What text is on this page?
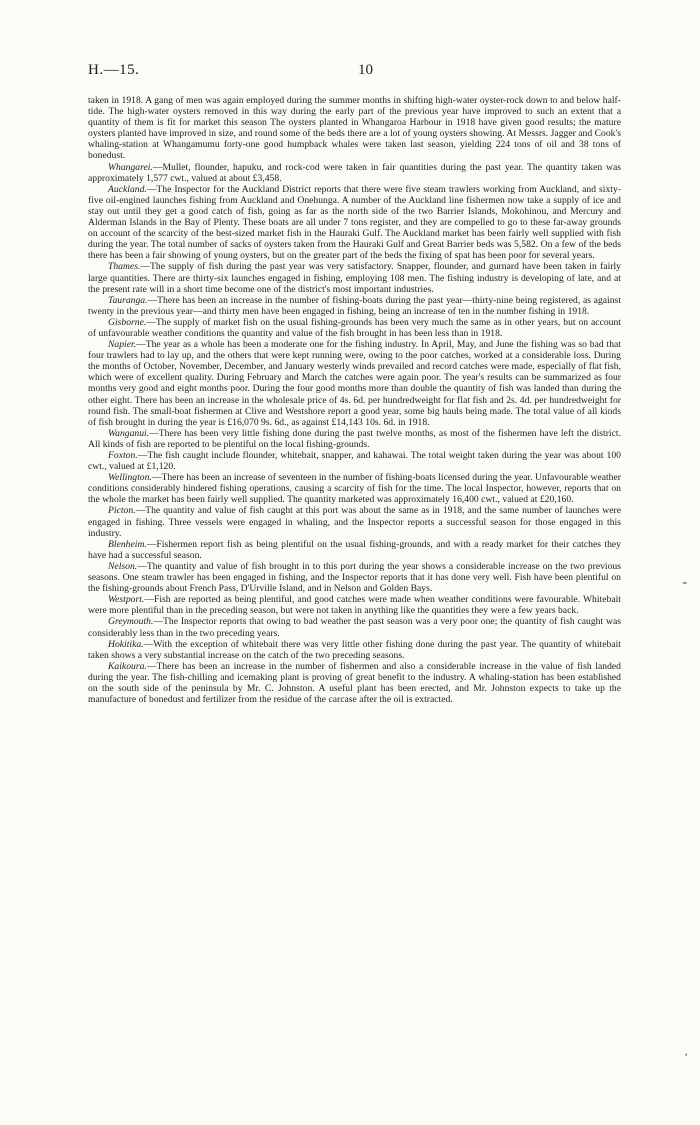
H.—15.	10

taken in 1918. A gang of men was again employed during the summer months in shifting high-water oyster-rock down to and below half-tide. The high-water oysters removed in this way during the early part of the previous year have improved to such an extent that a quantity of them is fit for market this season The oysters planted in Whangaroa Harbour in 1918 have given good results; the mature oysters planted have improved in size, and round some of the beds there are a lot of young oysters showing. At Messrs. Jagger and Cook's whaling-station at Whangamumu forty-one good humpback whales were taken last season, yielding 224 tons of oil and 38 tons of bonedust.

Whangarei.—Mullet, flounder, hapuku, and rock-cod were taken in fair quantities during the past year. The quantity taken was approximately 1,577 cwt., valued at about £3,458.

Auckland.—The Inspector for the Auckland District reports that there were five steam trawlers working from Auckland, and sixty-five oil-engined launches fishing from Auckland and Onehunga. A number of the Auckland line fishermen now take a supply of ice and stay out until they get a good catch of fish, going as far as the north side of the two Barrier Islands, Mokohinou, and Mercury and Alderman Islands in the Bay of Plenty. These boats are all under 7 tons register, and they are compelled to go to these far-away grounds on account of the scarcity of the best-sized market fish in the Hauraki Gulf. The Auckland market has been fairly well supplied with fish during the year. The total number of sacks of oysters taken from the Hauraki Gulf and Great Barrier beds was 5,582. On a few of the beds there has been a fair showing of young oysters, but on the greater part of the beds the fixing of spat has been poor for several years.

Thames.—The supply of fish during the past year was very satisfactory. Snapper, flounder, and gurnard have been taken in fairly large quantities. There are thirty-six launches engaged in fishing, employing 108 men. The fishing industry is developing of late, and at the present rate will in a short time become one of the district's most important industries.

Tauranga.—There has been an increase in the number of fishing-boats during the past year—thirty-nine being registered, as against twenty in the previous year—and thirty men have been engaged in fishing, being an increase of ten in the number fishing in 1918.

Gisborne.—The supply of market fish on the usual fishing-grounds has been very much the same as in other years, but on account of unfavourable weather conditions the quantity and value of the fish brought in has been less than in 1918.

Napier.—The year as a whole has been a moderate one for the fishing industry. In April, May, and June the fishing was so bad that four trawlers had to lay up, and the others that were kept running were, owing to the poor catches, worked at a considerable loss. During the months of October, November, December, and January westerly winds prevailed and record catches were made, especially of flat fish, which were of excellent quality. During February and March the catches were again poor. The year's results can be summarized as four months very good and eight months poor. During the four good months more than double the quantity of fish was landed than during the other eight. There has been an increase in the wholesale price of 4s. 6d. per hundredweight for flat fish and 2s. 4d. per hundredweight for round fish. The small-boat fishermen at Clive and Westshore report a good year, some big hauls being made. The total value of all kinds of fish brought in during the year is £16,070 9s. 6d., as against £14,143 10s. 6d. in 1918.

Wanganui.—There has been very little fishing done during the past twelve months, as most of the fishermen have left the district. All kinds of fish are reported to be plentiful on the local fishing-grounds.

Foxton.—The fish caught include flounder, whitebait, snapper, and kahawai. The total weight taken during the year was about 100 cwt., valued at £1,120.

Wellington.—There has been an increase of seventeen in the number of fishing-boats licensed during the year. Unfavourable weather conditions considerably hindered fishing operations, causing a scarcity of fish for the time. The local Inspector, however, reports that on the whole the market has been fairly well supplied. The quantity marketed was approximately 16,400 cwt., valued at £20,160.

Picton.—The quantity and value of fish caught at this port was about the same as in 1918, and the same number of launches were engaged in fishing. Three vessels were engaged in whaling, and the Inspector reports a successful season for those engaged in this industry.

Blenheim.—Fishermen report fish as being plentiful on the usual fishing-grounds, and with a ready market for their catches they have had a successful season.

Nelson.—The quantity and value of fish brought in to this port during the year shows a considerable increase on the two previous seasons. One steam trawler has been engaged in fishing, and the Inspector reports that it has done very well. Fish have been plentiful on the fishing-grounds about French Pass, D'Urville Island, and in Nelson and Golden Bays.

Westport.—Fish are reported as being plentiful, and good catches were made when weather conditions were favourable. Whitebait were more plentiful than in the preceding season, but were not taken in anything like the quantities they were a few years back.

Greymouth.—The Inspector reports that owing to bad weather the past season was a very poor one; the quantity of fish caught was considerably less than in the two preceding years.

Hokitika.—With the exception of whitebait there was very little other fishing done during the past year. The quantity of whitebait taken shows a very substantial increase on the catch of the two preceding seasons.

Kaikoura.—There has been an increase in the number of fishermen and also a considerable increase in the value of fish landed during the year. The fish-chilling and icemaking plant is proving of great benefit to the industry. A whaling-station has been established on the south side of the peninsula by Mr. C. Johnston. A useful plant has been erected, and Mr. Johnston expects to take up the manufacture of bonedust and fertilizer from the residue of the carcase after the oil is extracted.

╴
′
